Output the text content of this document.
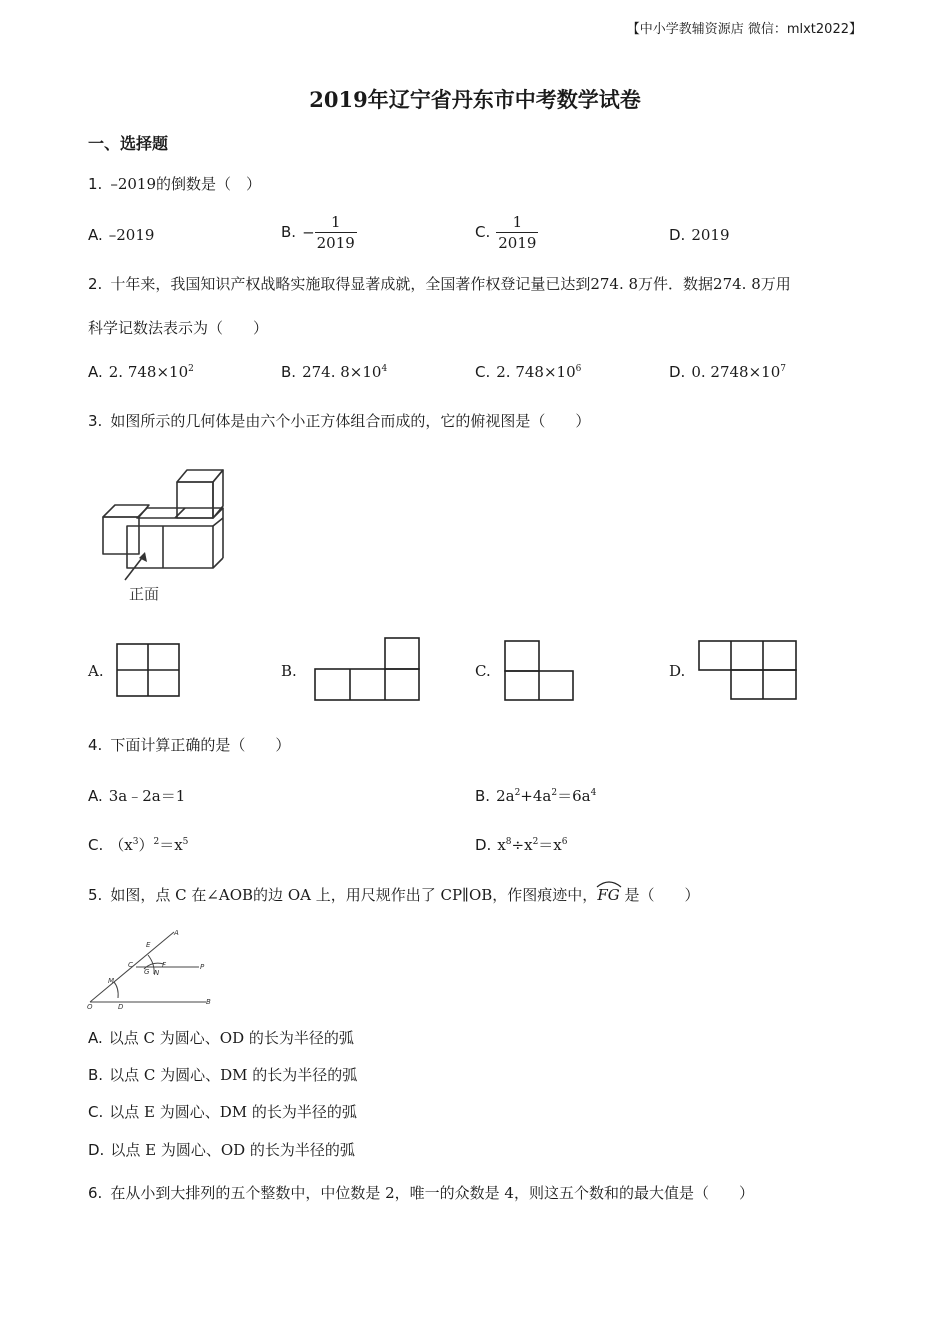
【中小学教辅资源店 微信：mlxt2022】
2019年辽宁省丹东市中考数学试卷
一、选择题
1. –2019的倒数是（　）
A. –2019	B. − $\frac{1}{2019}$	C. $\frac{1}{2019}$	D. 2019
2. 十年来，我国知识产权战略实施取得显著成就，全国著作权登记量已达到274. 8万件．数据274. 8万用
科学记数法表示为（　　）
A. 2. $748\times 10^2$	B. 274. $8\times 10^4$	C. 2. $748\times 10^6$	D. 0. $2748\times 10^7$
3. 如图所示的几何体是由六个小正方体组合而成的，它的俯视图是（　　）
正面
A.	B.	C.	D.
4. 下面计算正确的是（　　）
A. 3a﹣2a＝1	B. $2a^2+4a^2=6a^4$
C. $(x^3)^2=x^5$	D. $x^8\div x^2=x^6$
5. 如图，点 C 在∠AOB的边 OA 上，用尺规作出了 CP∥OB，作图痕迹中，
FG 是（　　）
A
E
C	F	P
G N
M
O	D
B
A. 以点 C 为圆心、OD 的长为半径的弧
B. 以点 C 为圆心、DM 的长为半径的弧
C. 以点 E 为圆心、DM 的长为半径的弧
D. 以点 E 为圆心、OD 的长为半径的弧
6. 在从小到大排列的五个整数中，中位数是 2，唯一的众数是 4，则这五个数和的最大值是（　　）
